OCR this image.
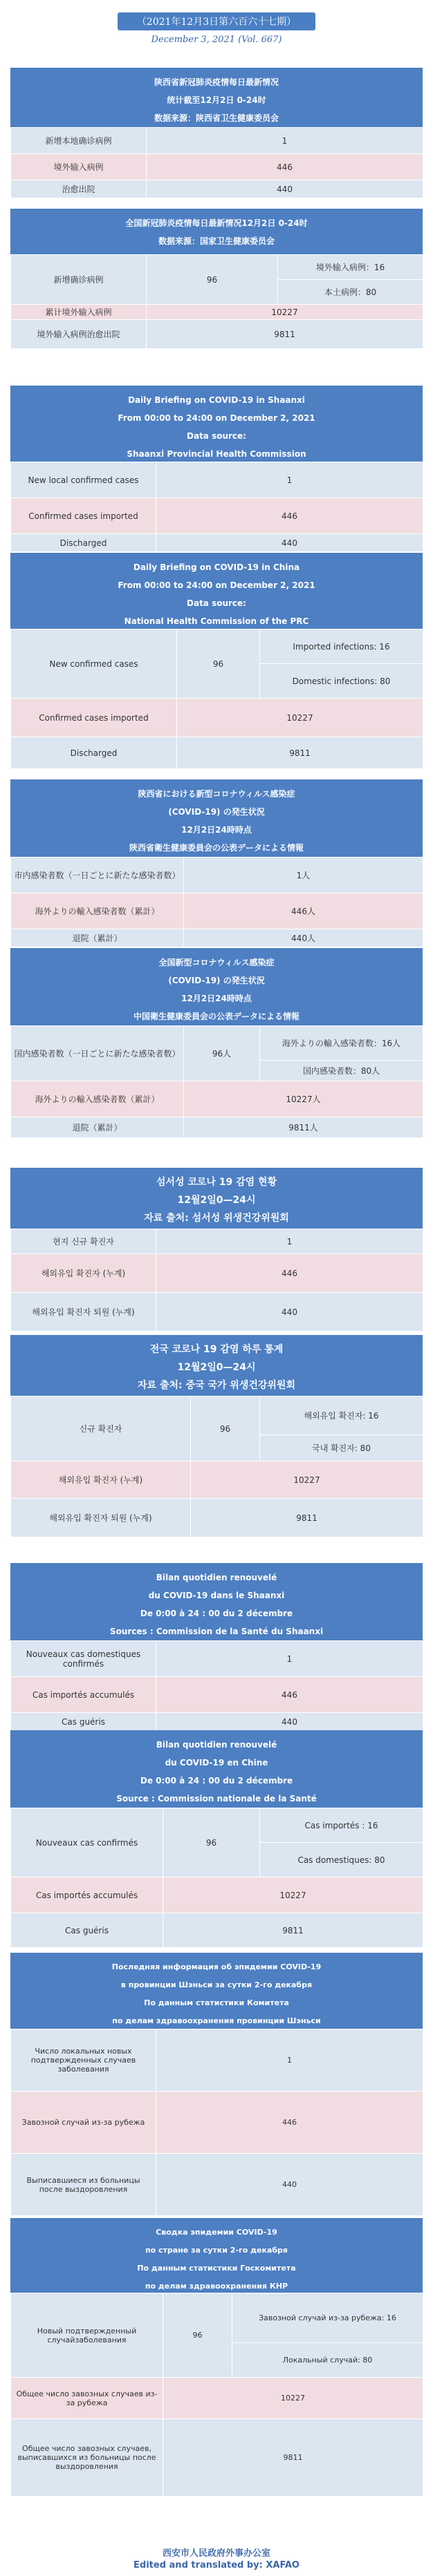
（2021年12月3日第六百六十七期）
December 3, 2021 (Vol. 667)
陕西省新冠肺炎疫情每日最新情况
统计截至12月2日 0-24时
数据来源：陕西省卫生健康委员会
新增本地确诊病例	1
境外输入病例	446
治愈出院	440
全国新冠肺炎疫情每日最新情况12月2日 0-24时
数据来源：国家卫生健康委员会
新增确诊病例	96	境外输入病例：16
		本土病例：80
累计境外输入病例	10227	
境外输入病例治愈出院	9811	
Daily Briefing on COVID-19 in Shaanxi
From 00:00 to 24:00 on December 2, 2021
Data source:
Shaanxi Provincial Health Commission
New local confirmed cases	1
Confirmed cases imported	446
Discharged	440
Daily Briefing on COVID-19 in China
From 00:00 to 24:00 on December 2, 2021
Data source:
National Health Commission of the PRC
New confirmed cases	96	Imported infections: 16
		Domestic infections: 80
Confirmed cases imported	10227	
Discharged	9811	
陝西省における新型コロナウィルス感染症
(COVID-19) の発生状況
12月2日24時時点
陝西省衛生健康委員会の公表データによる情報
市内感染者数（一日ごとに新たな感染者数）	1人
海外よりの輸入感染者数（累計）	446人
退院（累計）	440人
全国新型コロナウィルス感染症
(COVID-19) の発生状況
12月2日24時時点
中国衛生健康委員会の公表データによる情報
国内感染者数（一日ごとに新たな感染者数）	96人	海外よりの輸入感染者数：16人
		国内感染者数：80人
海外よりの輸入感染者数（累計）	10227人	
退院（累計）	9811人	
섬서성 코로나 19 감염 현황
12월2일0—24시
자료 출처: 섬서성 위생건강위원회
현지 신규 확진자	1
해외유입 확진자 (누계)	446
해외유입 확진자 퇴원 (누계)	440
전국 코로나 19 감염 하루 통계
12월2일0—24시
자료 출처: 중국 국가 위생건강위원회
신규 확진자	96	해외유입 확진자: 16
		국내 확진자: 80
해외유입 확진자 (누계)	10227	
해외유입 확진자 퇴원 (누계)	9811	
Bilan quotidien renouvelé
du COVID-19 dans le Shaanxi
De 0:00 à 24 : 00 du 2 décembre
Sources : Commission de la Santé du Shaanxi
Nouveaux cas domestiques confirmés	1
Cas importés accumulés	446
Cas guéris	440
Bilan quotidien renouvelé
du COVID-19 en Chine
De 0:00 à 24 : 00 du 2 décembre
Source : Commission nationale de la Santé
Nouveaux cas confirmés	96	Cas importés : 16
		Cas domestiques: 80
Cas importés accumulés	10227	
Cas guéris	9811	
Последняя информация об эпидемии COVID-19
в провинции Шэньси за сутки 2-го декабря
По данным статистики Комитета
по делам здравоохранения провинции Шэньси
Число локальных новых подтвержденных случаев заболевания	1
Завозной случай из-за рубежа	446
Выписавшиеся из больницы после выздоровления	440
Сводка эпидемии COVID-19
по стране за сутки 2-го декабря
По данным статистики Госкомитета
по делам здравоохранения КНР
Новый подтвержденный случайзаболевания	96	Завозной случай из-за рубежа: 16
		Локальный случай: 80
Общее число завозных случаев из-за рубежа	10227	
Общее число завозных случаев, выписавшихся из больницы после выздоровления	9811	
西安市人民政府外事办公室
Edited and translated by: XAFAO
